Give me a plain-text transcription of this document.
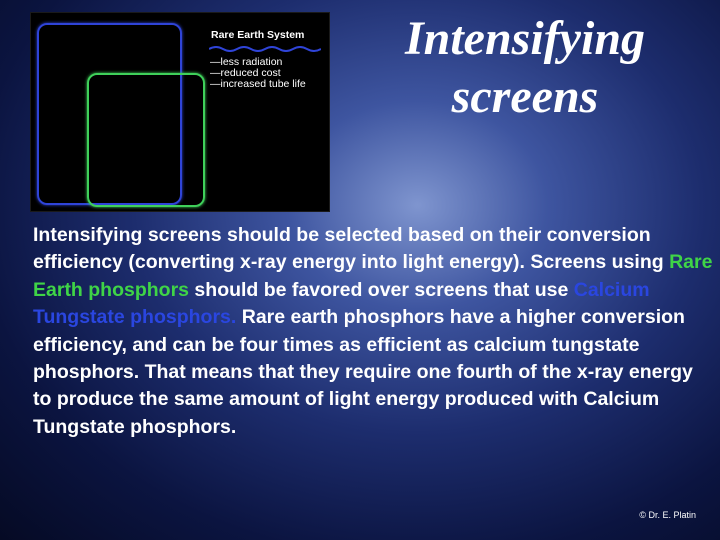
Rare Earth System

—less radiation
—reduced cost
—increased tube life
Intensifying
screens

Intensifying screens should be selected based on their conversion efficiency (converting x-ray energy into light energy). Screens using Rare Earth phosphors should be favored over screens that use Calcium Tungstate phosphors. Rare earth phosphors have a higher conversion efficiency, and can be four times as efficient as calcium tungstate phosphors. That means that they require one fourth of the x-ray energy to produce the same amount of light energy produced with Calcium Tungstate phosphors.

© Dr. E. Platin
